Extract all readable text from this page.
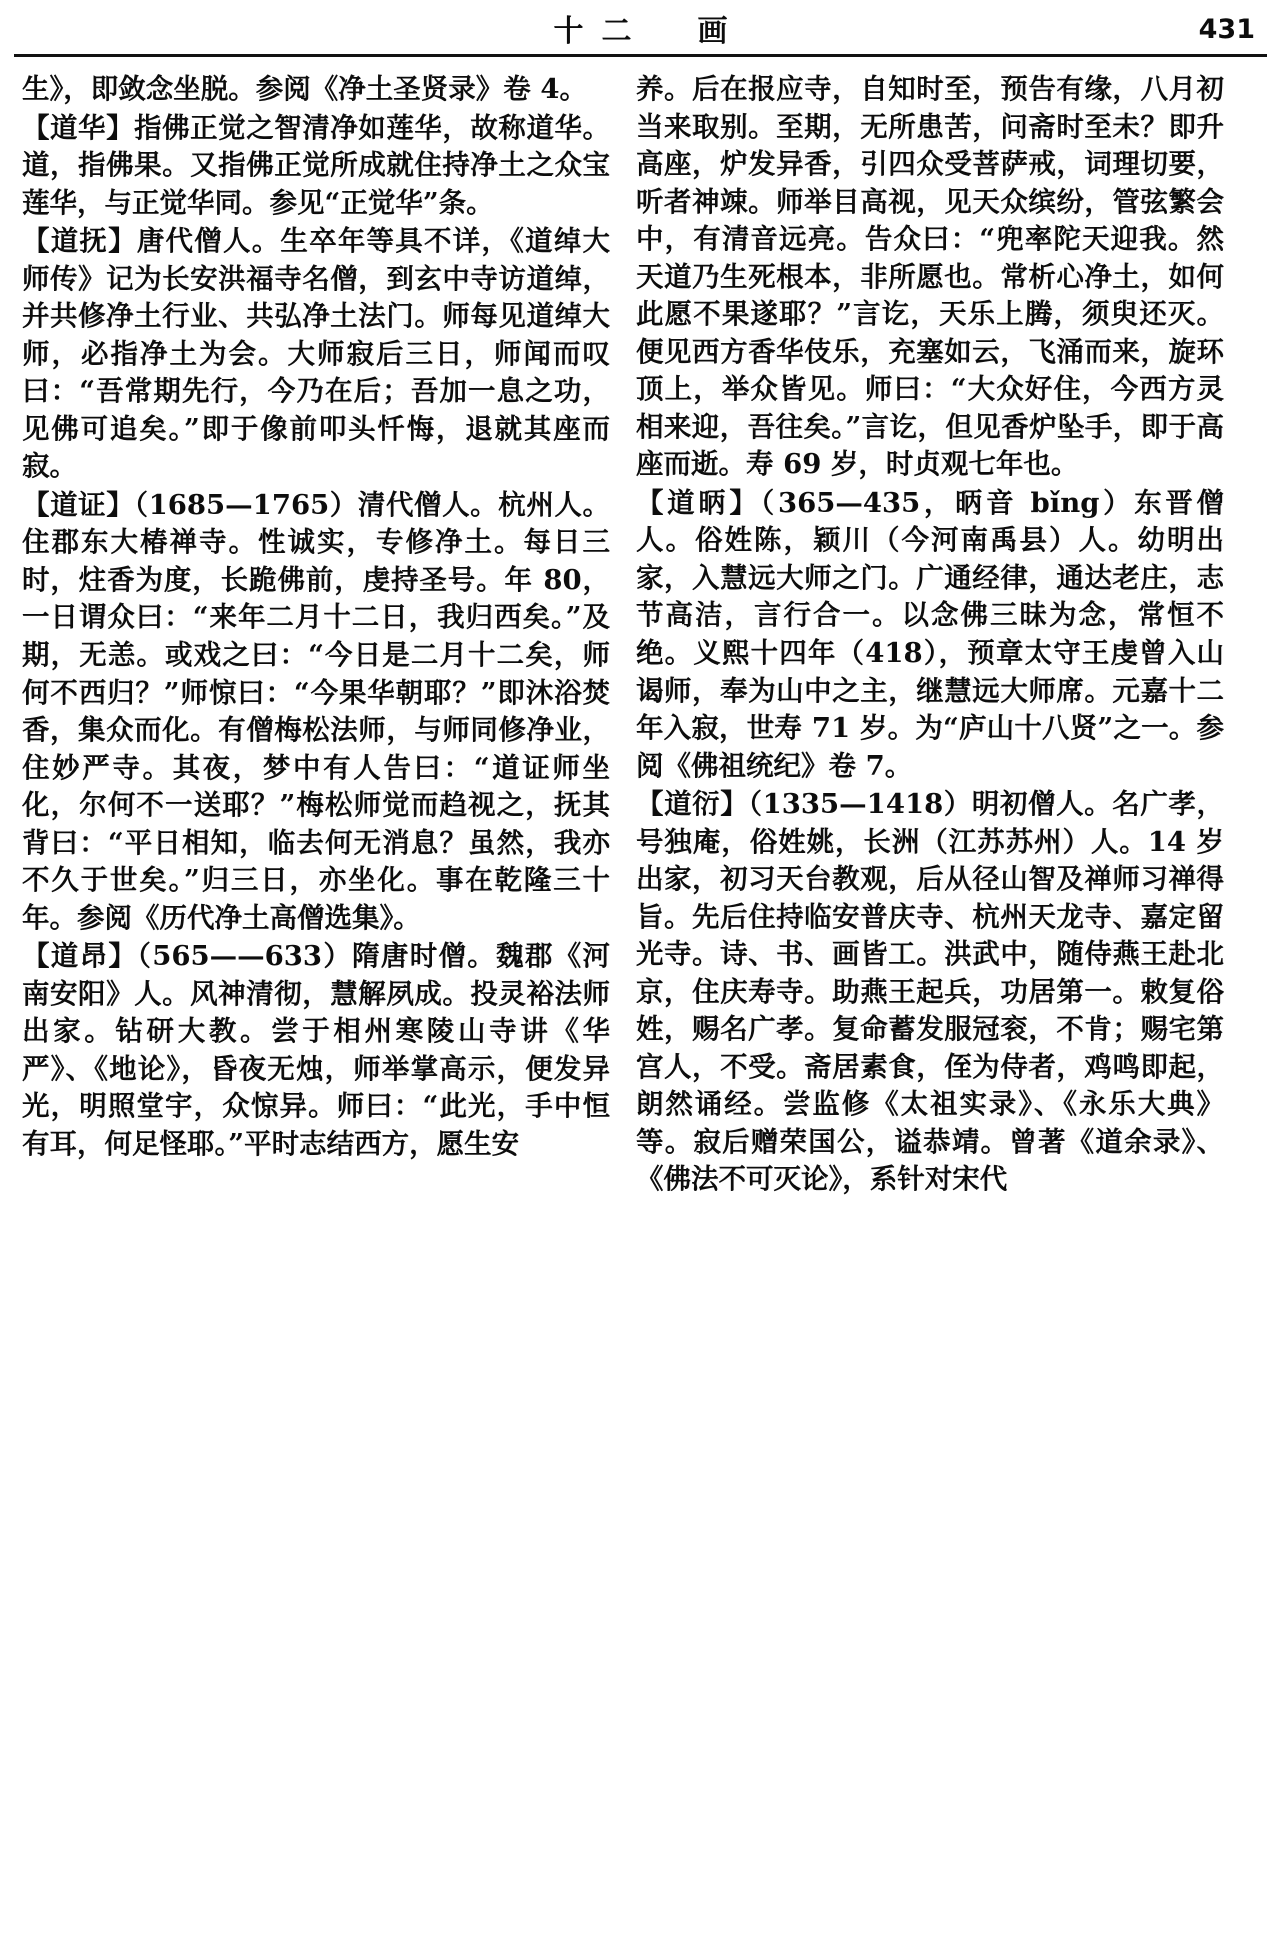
十二　画	431

生》，即敛念坐脱。参阅《净土圣贤录》卷 4。

【道华】指佛正觉之智清净如莲华，故称道华。道，指佛果。又指佛正觉所成就住持净土之众宝莲华，与正觉华同。参见“正觉华”条。

【道抚】唐代僧人。生卒年等具不详，《道绰大师传》记为长安洪福寺名僧，到玄中寺访道绰，并共修净土行业、共弘净土法门。师每见道绰大师，必指净土为会。大师寂后三日，师闻而叹曰：“吾常期先行，今乃在后；吾加一息之功，见佛可追矣。”即于像前叩头忏悔，退就其座而寂。

【道证】（1685—1765）清代僧人。杭州人。住郡东大椿禅寺。性诚实，专修净土。每日三时，炷香为度，长跪佛前，虔持圣号。年 80，一日谓众曰：“来年二月十二日，我归西矣。”及期，无恙。或戏之曰：“今日是二月十二矣，师何不西归？”师惊曰：“今果华朝耶？”即沐浴焚香，集众而化。有僧梅松法师，与师同修净业，住妙严寺。其夜，梦中有人告曰：“道证师坐化，尔何不一送耶？”梅松师觉而趋视之，抚其背曰：“平日相知，临去何无消息？虽然，我亦不久于世矣。”归三日，亦坐化。事在乾隆三十年。参阅《历代净土高僧选集》。

【道昂】（565——633）隋唐时僧。魏郡《河南安阳》人。风神清彻，慧解夙成。投灵裕法师出家。钻研大教。尝于相州寒陵山寺讲《华严》、《地论》，昏夜无烛，师举掌高示，便发异光，明照堂宇，众惊异。师曰：“此光，手中恒有耳，何足怪耶。”平时志结西方，愿生安

养。后在报应寺，自知时至，预告有缘，八月初当来取别。至期，无所患苦，问斋时至未？即升高座，炉发异香，引四众受菩萨戒，词理切要，听者神竦。师举目高视，见天众缤纷，管弦繁会中，有清音远亮。告众曰：“兜率陀天迎我。然天道乃生死根本，非所愿也。常析心净土，如何此愿不果遂耶？”言讫，天乐上腾，须臾还灭。便见西方香华伎乐，充塞如云，飞涌而来，旋环顶上，举众皆见。师曰：“大众好住，今西方灵相来迎，吾往矣。”言讫，但见香炉坠手，即于高座而逝。寿 69 岁，时贞观七年也。

【道昞】（365—435，昞音 bǐng）东晋僧人。俗姓陈，颖川（今河南禹县）人。幼明出家，入慧远大师之门。广通经律，通达老庄，志节高洁，言行合一。以念佛三昧为念，常恒不绝。义熙十四年（418），预章太守王虔曾入山谒师，奉为山中之主，继慧远大师席。元嘉十二年入寂，世寿 71 岁。为“庐山十八贤”之一。参阅《佛祖统纪》卷 7。

【道衍】（1335—1418）明初僧人。名广孝，号独庵，俗姓姚，长洲（江苏苏州）人。14 岁出家，初习天台教观，后从径山智及禅师习禅得旨。先后住持临安普庆寺、杭州天龙寺、嘉定留光寺。诗、书、画皆工。洪武中，随侍燕王赴北京，住庆寿寺。助燕王起兵，功居第一。敕复俗姓，赐名广孝。复命蓄发服冠衮，不肯；赐宅第宫人，不受。斋居素食，侄为侍者，鸡鸣即起，朗然诵经。尝监修《太祖实录》、《永乐大典》等。寂后赠荣国公，谥恭靖。曾著《道余录》、《佛法不可灭论》，系针对宋代
